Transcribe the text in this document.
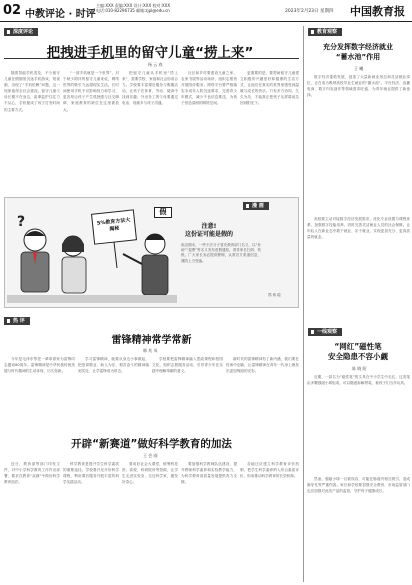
02 中教评论 · 时评
主编:XXX 责编:XXX 设计:XXX 校对:XXX
电话:010-82296735 邮箱:zjpl@edu.cn	2023年2月23日 星期四 中国教育报
深度评论
把拽进手机里的留守儿童“捞上来”
杨 云 春

随着智能手机普及，不少留守儿童在假期里沉迷手机游戏、短视频，出现了“手机依赖”问题，这一现象值得全社会重视。留守儿童父母长期不在身边，祖辈监护往往力不从心，手机便成了孩子打发时间的主要方式。

“一部手机就是一个世界”，对于缺少陪伴的留守儿童来说，网络世界的吸引力远超现实生活。长时间使用手机不仅影响视力和学习，更容易让孩子产生孤独感与社交障碍，家庭教育的缺位在这里被放大。

把留守儿童从手机里“捞上来”，需要学校、家庭和社会形成合力。学校要丰富课后服务与假期活动，让孩子在体育、劳动、阅读中找到乐趣；外出务工的父母要通过电话、视频多与孩子沟通。

社区和乡村要建设儿童之家、农家书屋等活动场所，组织志愿者开展陪伴服务；网络平台要严格落实未成年人防沉迷要求，完善青少年模式，减少不良信息推送，为孩子营造清朗的网络空间。

更重要的是，要帮助留守儿童建立积极的兴趣爱好和健康的生活方式，让他们在真实的世界里感受到温暖与成长的快乐。只有多方协同、久久为功，才能真正把孩子从屏幕前拉回到阳光下。

?	5%教育方法大揭秘
假
漫 画
注意!
这份证可能是假的

临近期末，一些不法分子冒充教育部门名义，以“补助”“退费”等名义发布虚假通知，诱导家长扫码、转账。广大家长务必提高警惕，认准官方渠道信息，谨防上当受骗。

郑 伟 绘
热 评
雷锋精神常学常新
韩 兆 凤

今年是毛泽东等老一辈革命家为雷锋同志题词60周年。雷锋精神是中华民族传统美德与时代精神的生动体现，历久弥新。

学习雷锋精神，就要从身边小事做起，把爱岗敬业、助人为乐、艰苦奋斗的精神落到实处，让学雷锋成为常态。

学校要把雷锋精神融入思政课程和校园文化，组织志愿服务活动，引导青少年在实践中理解奉献的意义。

新时代的雷锋精神有了新内涵，我们要在传承中创新，让雷锋精神在青年一代身上焕发出更加绚丽的光彩。

开辟“新赛道”做好科学教育的加法
王 会 刚

近日，教育部等部门印发文件，对中小学科学教育工作作出部署，要求在教育“双减”中做好科学教育加法。

科学教育是提升学生科学素质的重要途径。学校要开足开好科学课程，利用课后服务开展丰富的科学实践活动。

要用好社会大课堂，统筹科技馆、高校、科研院所等资源，让学生走进实验室、走近科学家，激发好奇心。

要加强科学教师队伍建设，提升教师科学素养和实验教学能力，为科学教育高质量发展提供有力支撑。

各地还应建立科学教育评价机制，把学生科学素养纳入综合素质评价，形成推动科学教育的长效机制。

教育观察
充分发挥数字经济就业
“蓄水池”作用
王 曦

数字经济蓬勃发展，创造了大量新就业形态和灵活就业岗位，正在成为吸纳高校毕业生就业的“蓄水池”。平台经济、直播电商、数字内容创作等领域需求旺盛，为青年就业提供了新选择。

高校要主动对接数字经济发展需求，优化专业设置与课程体系，加强数字技能培养，同时完善灵活就业人员的社会保障，让年轻人在新业态中敢于就业、乐于就业，实现更加充分、更高质量的就业。

一线观察
“网红”磁性笔
安全隐患不容小觑
陈 晓 阳

近期，一款名为“磁性笔”的文具在中小学生中走红。这类笔由多颗强磁小球组成，可以随意拆解拼装，被孩子们当作玩具。

然而，强磁小球一旦被误吞，可能在肠道内相互吸引，造成肠穿孔等严重伤害。家长和学校要加强安全教育，市场监管部门也应加强对此类产品的监管，守护孩子健康成长。
